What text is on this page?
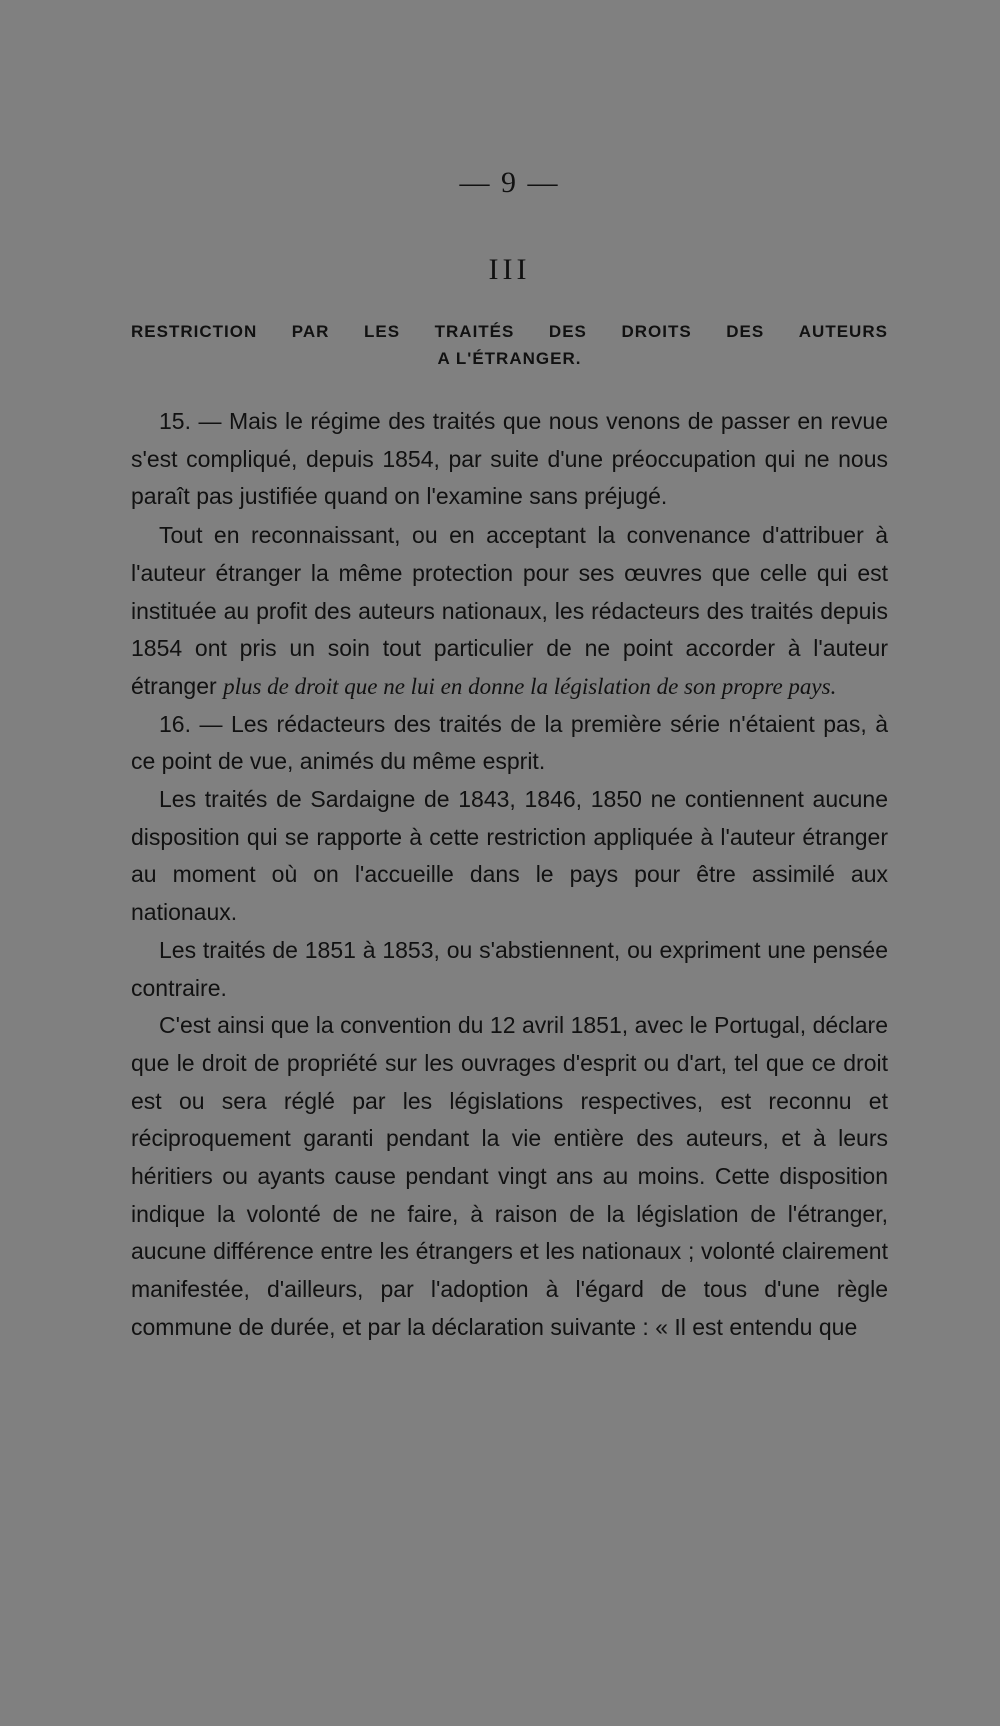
— 9 —
III
RESTRICTION PAR LES TRAITÉS DES DROITS DES AUTEURS
A L'ÉTRANGER.

15. — Mais le régime des traités que nous venons de passer en revue s'est compliqué, depuis 1854, par suite d'une préoccupation qui ne nous paraît pas justifiée quand on l'examine sans préjugé.

Tout en reconnaissant, ou en acceptant la convenance d'attribuer à l'auteur étranger la même protection pour ses œuvres que celle qui est instituée au profit des auteurs nationaux, les rédacteurs des traités depuis 1854 ont pris un soin tout particulier de ne point accorder à l'auteur étranger plus de droit que ne lui en donne la législation de son propre pays.

16. — Les rédacteurs des traités de la première série n'étaient pas, à ce point de vue, animés du même esprit.

Les traités de Sardaigne de 1843, 1846, 1850 ne contiennent aucune disposition qui se rapporte à cette restriction appliquée à l'auteur étranger au moment où on l'accueille dans le pays pour être assimilé aux nationaux.

Les traités de 1851 à 1853, ou s'abstiennent, ou expriment une pensée contraire.

C'est ainsi que la convention du 12 avril 1851, avec le Portugal, déclare que le droit de propriété sur les ouvrages d'esprit ou d'art, tel que ce droit est ou sera réglé par les législations respectives, est reconnu et réciproquement garanti pendant la vie entière des auteurs, et à leurs héritiers ou ayants cause pendant vingt ans au moins. Cette disposition indique la volonté de ne faire, à raison de la législation de l'étranger, aucune différence entre les étrangers et les nationaux ; volonté clairement manifestée, d'ailleurs, par l'adoption à l'égard de tous d'une règle commune de durée, et par la déclaration suivante : « Il est entendu que
